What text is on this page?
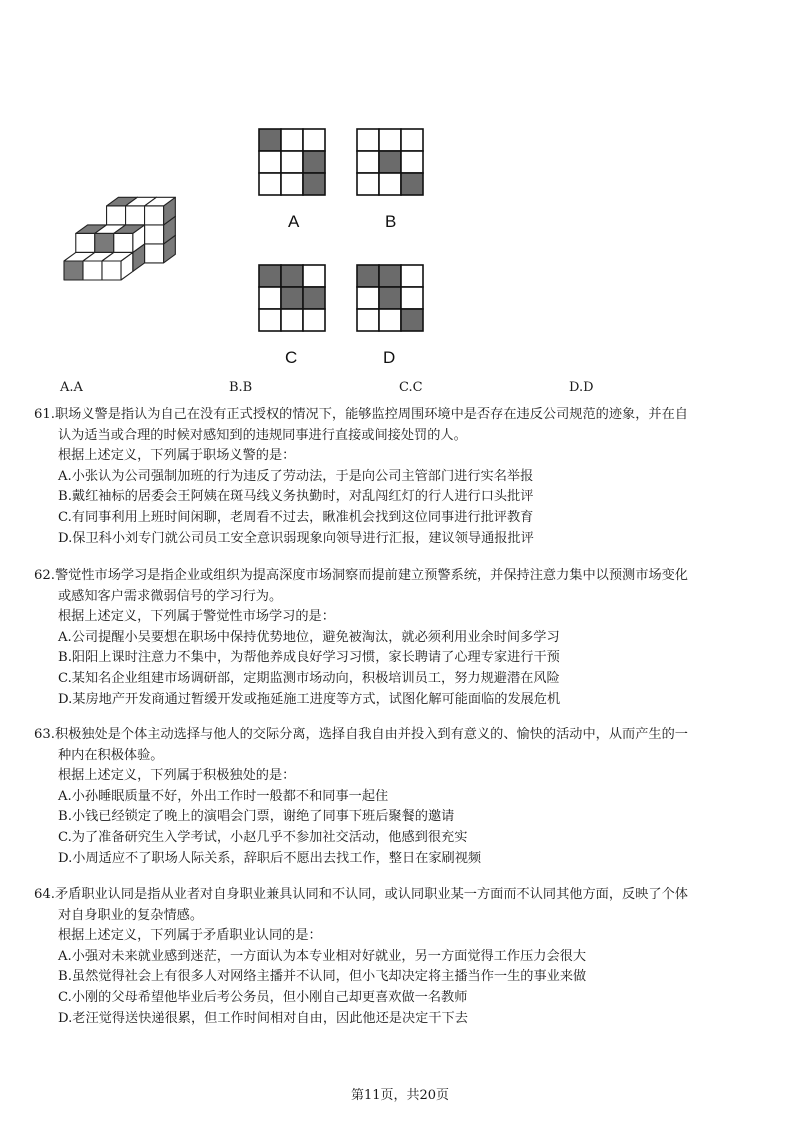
A	B
C	D
A.A	B.B	C.C	D.D
61.职场义警是指认为自己在没有正式授权的情况下，能够监控周围环境中是否存在违反公司规范的迹象，并在自
认为适当或合理的时候对感知到的违规同事进行直接或间接处罚的人。
根据上述定义，下列属于职场义警的是：
A.小张认为公司强制加班的行为违反了劳动法，于是向公司主管部门进行实名举报
B.戴红袖标的居委会王阿姨在斑马线义务执勤时，对乱闯红灯的行人进行口头批评
C.有同事利用上班时间闲聊，老周看不过去，瞅准机会找到这位同事进行批评教育
D.保卫科小刘专门就公司员工安全意识弱现象向领导进行汇报，建议领导通报批评
62.警觉性市场学习是指企业或组织为提高深度市场洞察而提前建立预警系统，并保持注意力集中以预测市场变化
或感知客户需求微弱信号的学习行为。
根据上述定义，下列属于警觉性市场学习的是：
A.公司提醒小吴要想在职场中保持优势地位，避免被淘汰，就必须利用业余时间多学习
B.阳阳上课时注意力不集中，为帮他养成良好学习习惯，家长聘请了心理专家进行干预
C.某知名企业组建市场调研部，定期监测市场动向，积极培训员工，努力规避潜在风险
D.某房地产开发商通过暂缓开发或拖延施工进度等方式，试图化解可能面临的发展危机
63.积极独处是个体主动选择与他人的交际分离，选择自我自由并投入到有意义的、愉快的活动中，从而产生的一
种内在积极体验。
根据上述定义，下列属于积极独处的是：
A.小孙睡眠质量不好，外出工作时一般都不和同事一起住
B.小钱已经锁定了晚上的演唱会门票，谢绝了同事下班后聚餐的邀请
C.为了准备研究生入学考试，小赵几乎不参加社交活动，他感到很充实
D.小周适应不了职场人际关系，辞职后不愿出去找工作，整日在家刷视频
64.矛盾职业认同是指从业者对自身职业兼具认同和不认同，或认同职业某一方面而不认同其他方面，反映了个体
对自身职业的复杂情感。
根据上述定义，下列属于矛盾职业认同的是：
A.小强对未来就业感到迷茫，一方面认为本专业相对好就业，另一方面觉得工作压力会很大
B.虽然觉得社会上有很多人对网络主播并不认同，但小飞却决定将主播当作一生的事业来做
C.小刚的父母希望他毕业后考公务员，但小刚自己却更喜欢做一名教师
D.老汪觉得送快递很累，但工作时间相对自由，因此他还是决定干下去
第11页，共20页
